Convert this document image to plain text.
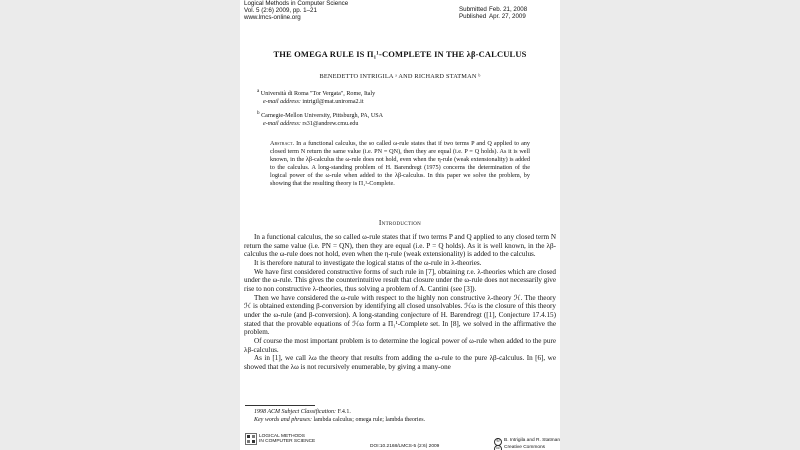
Logical Methods in Computer Science
Vol. 5 (2:6) 2009, pp. 1–21
www.lmcs-online.org
Submitted Feb. 21, 2008
Published Apr. 27, 2009
THE OMEGA RULE IS Π₁¹-COMPLETE IN THE λβ-CALCULUS
BENEDETTO INTRIGILA ᵃ AND RICHARD STATMAN ᵇ
$^a$ Università di Roma "Tor Vergata", Rome, Italy
e-mail address: intrigil@mat.uniroma2.it
$^b$ Carnegie-Mellon University, Pittsburgh, PA, USA
e-mail address: rs31@andrew.cmu.edu
Abstract. In a functional calculus, the so called ω-rule states that if two terms P and Q applied to any closed term N return the same value (i.e. PN = QN), then they are equal (i.e. P = Q holds). As it is well known, in the λβ-calculus the ω-rule does not hold, even when the η-rule (weak extensionality) is added to the calculus. A long-standing problem of H. Barendregt (1975) concerns the determination of the logical power of the ω-rule when added to the λβ-calculus. In this paper we solve the problem, by showing that the resulting theory is Π₁¹-Complete.
Introduction

In a functional calculus, the so called ω-rule states that if two terms P and Q applied to any closed term N return the same value (i.e. PN = QN), then they are equal (i.e. P = Q holds). As it is well known, in the λβ-calculus the ω-rule does not hold, even when the η-rule (weak extensionality) is added to the calculus.

It is therefore natural to investigate the logical status of the ω-rule in λ-theories.

We have first considered constructive forms of such rule in [7], obtaining r.e. λ-theories which are closed under the ω-rule. This gives the counterintuitive result that closure under the ω-rule does not necessarily give rise to non constructive λ-theories, thus solving a problem of A. Cantini (see [3]).

Then we have considered the ω-rule with respect to the highly non constructive λ-theory ℋ. The theory ℋ is obtained extending β-conversion by identifying all closed unsolvables. ℋω is the closure of this theory under the ω-rule (and β-conversion). A long-standing conjecture of H. Barendregt ([1], Conjecture 17.4.15) stated that the provable equations of ℋω form a Π₁¹-Complete set. In [8], we solved in the affirmative the problem.

Of course the most important problem is to determine the logical power of ω-rule when added to the pure λβ-calculus.

As in [1], we call λω the theory that results from adding the ω-rule to the pure λβ-calculus. In [6], we showed that the λω is not recursively enumerable, by giving a many-one

1998 ACM Subject Classification: F.4.1.
Key words and phrases: lambda calculus; omega rule; lambda theories.
LOGICAL METHODS
IN COMPUTER SCIENCE
DOI:10.2168/LMCS-5 (2:6) 2009
© B. Intrigila and R. Statman
cc Creative Commons
